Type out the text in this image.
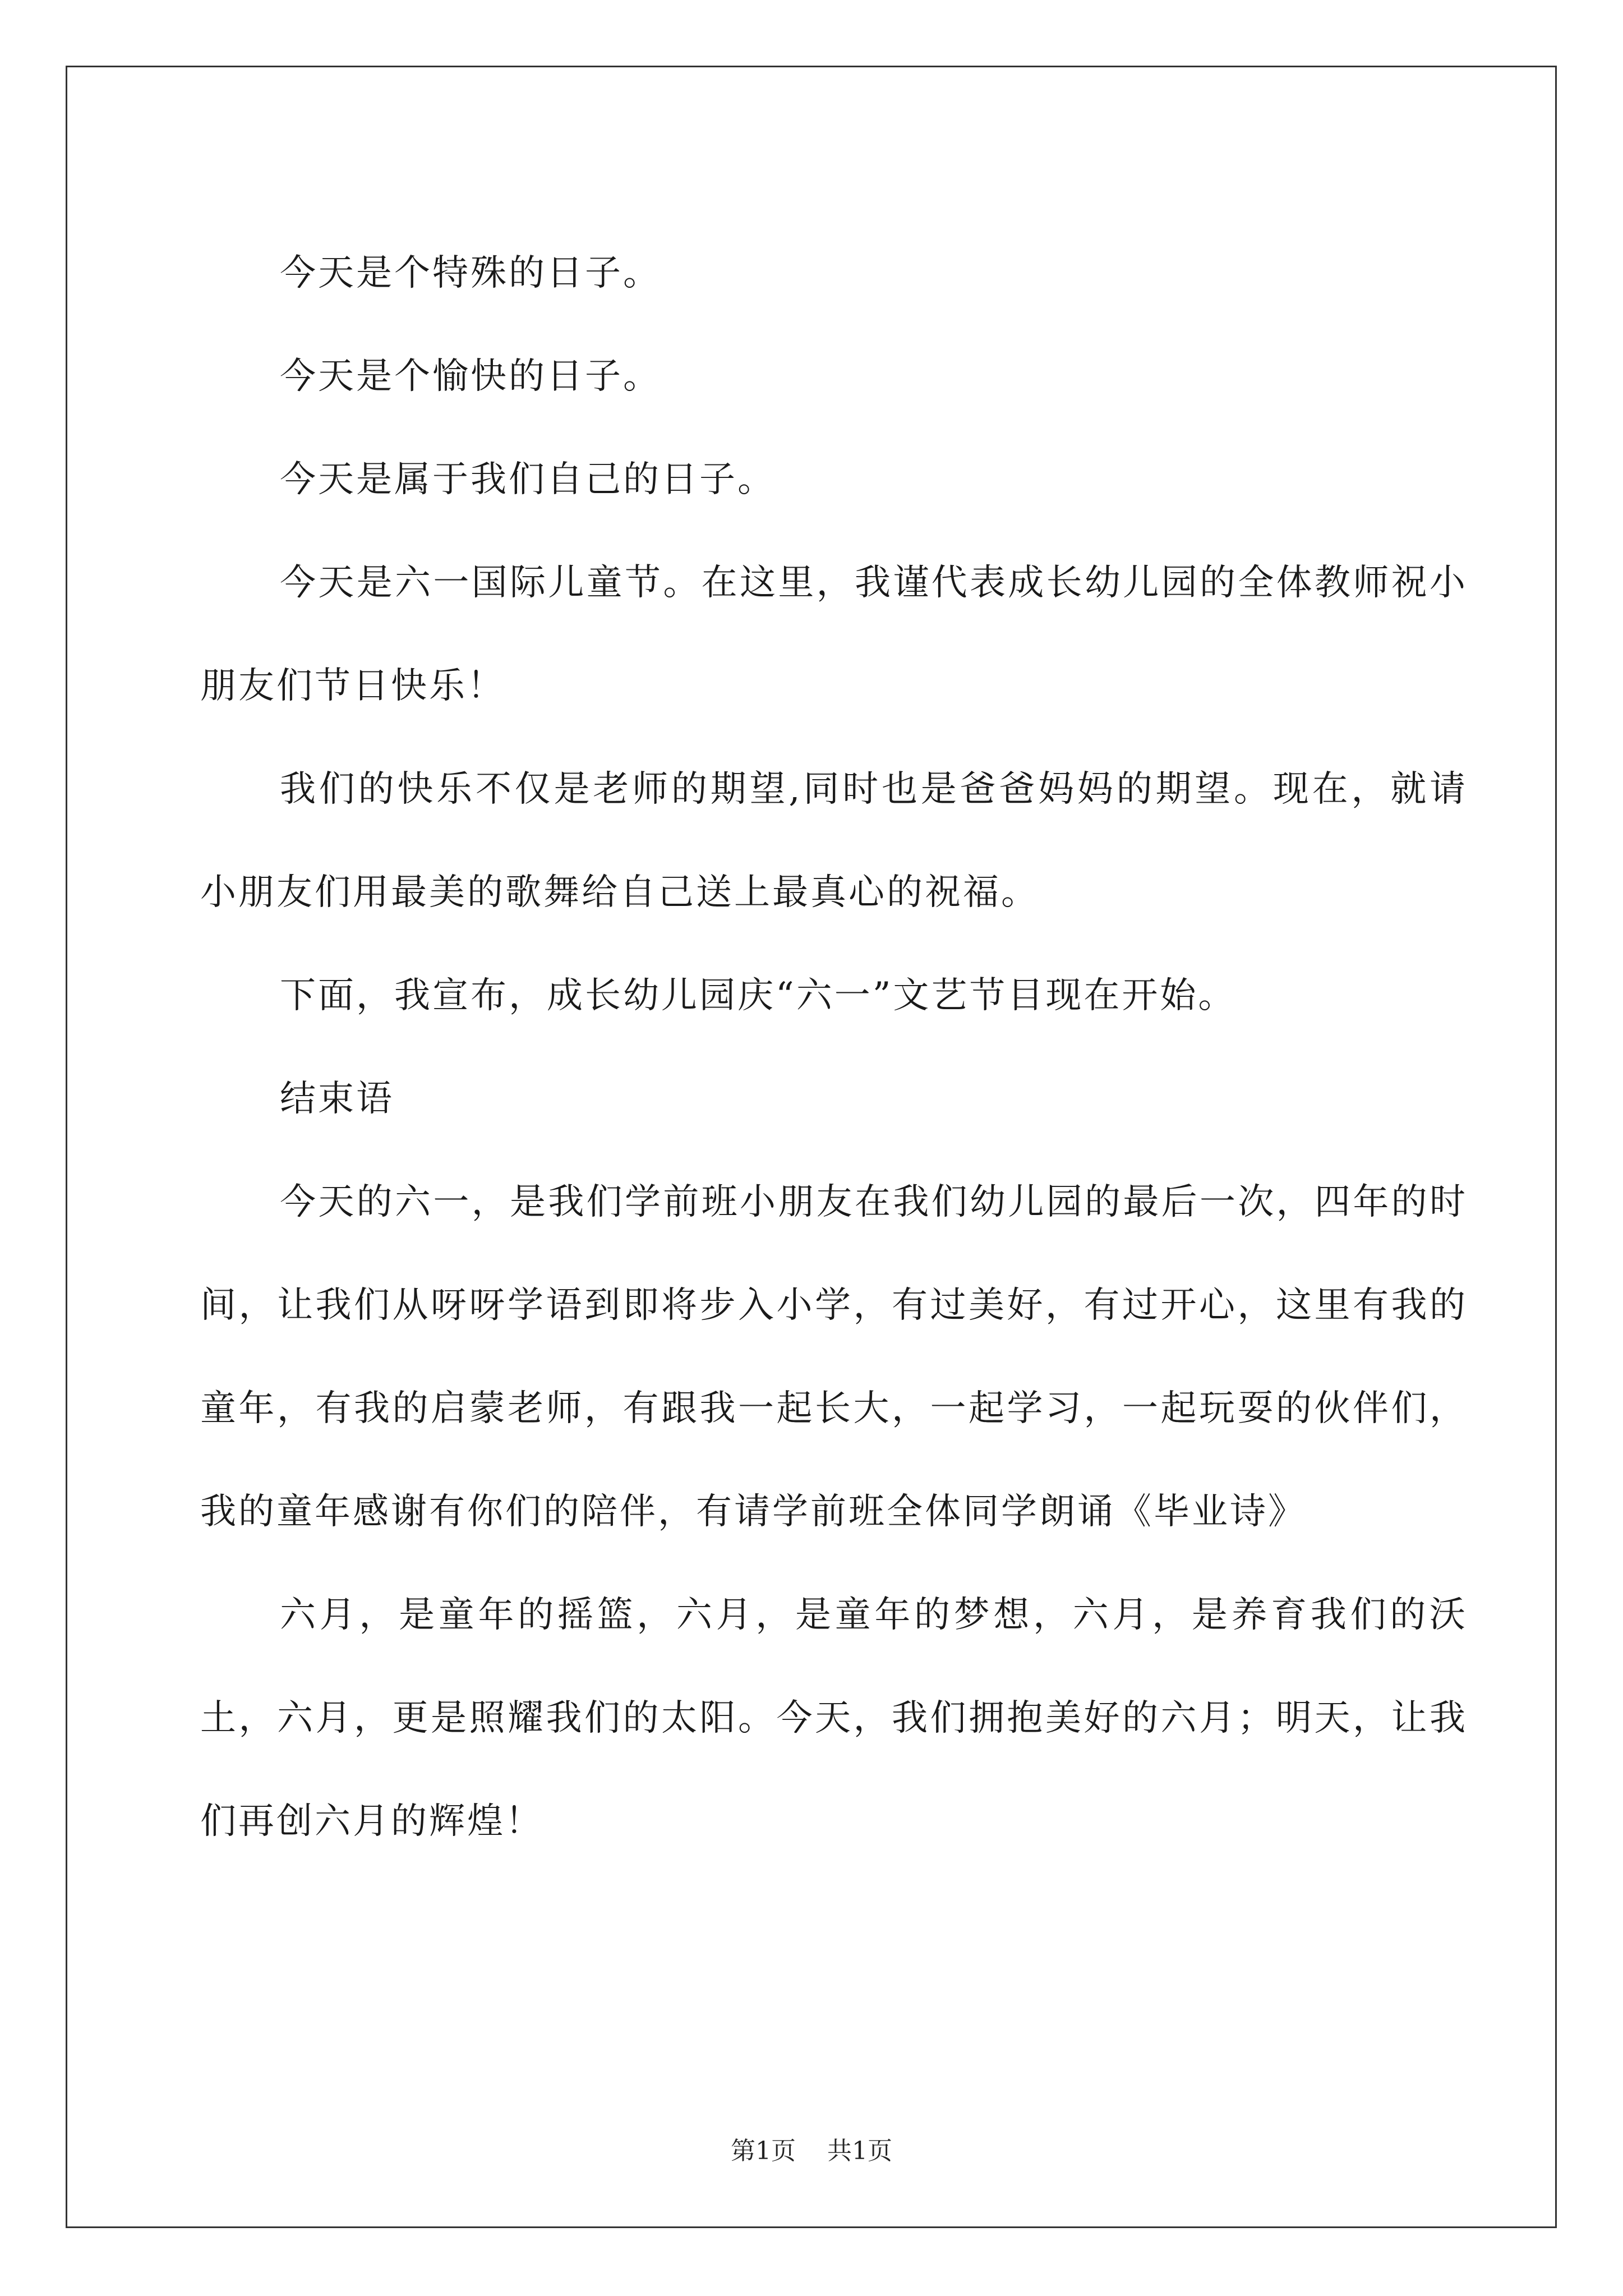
今天是个特殊的日子。

今天是个愉快的日子。

今天是属于我们自己的日子。

今天是六一国际儿童节。在这里，我谨代表成长幼儿园的全体教师祝小朋友们节日快乐！

我们的快乐不仅是老师的期望,同时也是爸爸妈妈的期望。现在，就请小朋友们用最美的歌舞给自己送上最真心的祝福。

下面，我宣布，成长幼儿园庆“六一”文艺节目现在开始。

结束语

今天的六一，是我们学前班小朋友在我们幼儿园的最后一次，四年的时间，让我们从呀呀学语到即将步入小学，有过美好，有过开心，这里有我的童年，有我的启蒙老师，有跟我一起长大，一起学习，一起玩耍的伙伴们，我的童年感谢有你们的陪伴，有请学前班全体同学朗诵《毕业诗》

六月，是童年的摇篮，六月，是童年的梦想，六月，是养育我们的沃土，六月，更是照耀我们的太阳。今天，我们拥抱美好的六月；明天，让我们再创六月的辉煌！

第1页 共1页
